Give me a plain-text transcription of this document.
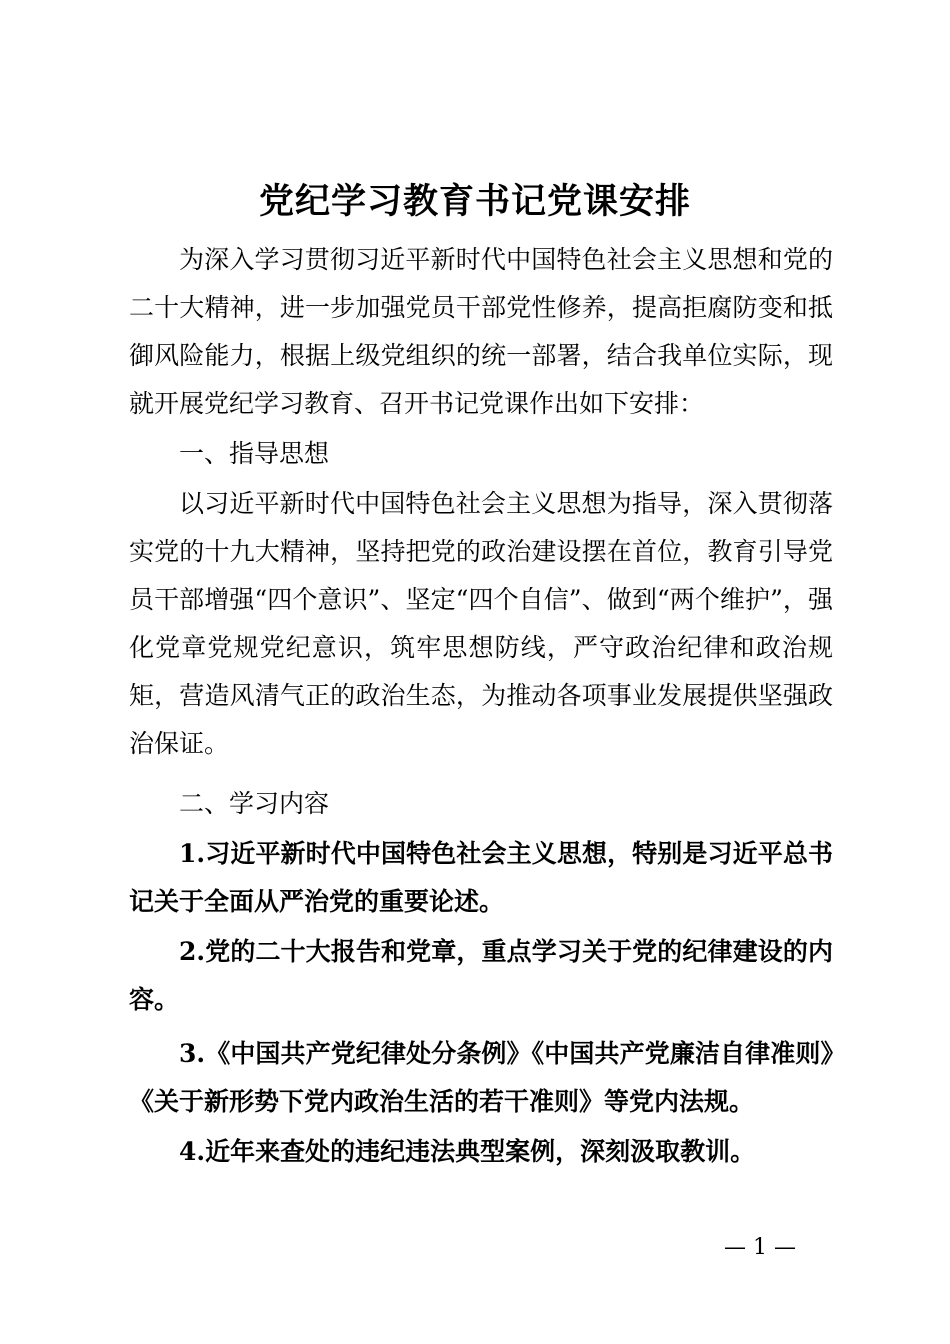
党纪学习教育书记党课安排

为深入学习贯彻习近平新时代中国特色社会主义思想和党的二十大精神，进一步加强党员干部党性修养，提高拒腐防变和抵御风险能力，根据上级党组织的统一部署，结合我单位实际，现就开展党纪学习教育、召开书记党课作出如下安排：

一、指导思想

以习近平新时代中国特色社会主义思想为指导，深入贯彻落实党的十九大精神，坚持把党的政治建设摆在首位，教育引导党员干部增强“四个意识”、坚定“四个自信”、做到“两个维护”，强化党章党规党纪意识，筑牢思想防线，严守政治纪律和政治规矩，营造风清气正的政治生态，为推动各项事业发展提供坚强政治保证。

二、学习内容

1.习近平新时代中国特色社会主义思想，特别是习近平总书记关于全面从严治党的重要论述。

2.党的二十大报告和党章，重点学习关于党的纪律建设的内容。

3.《中国共产党纪律处分条例》《中国共产党廉洁自律准则》《关于新形势下党内政治生活的若干准则》等党内法规。

4.近年来查处的违纪违法典型案例，深刻汲取教训。

— 1 —
